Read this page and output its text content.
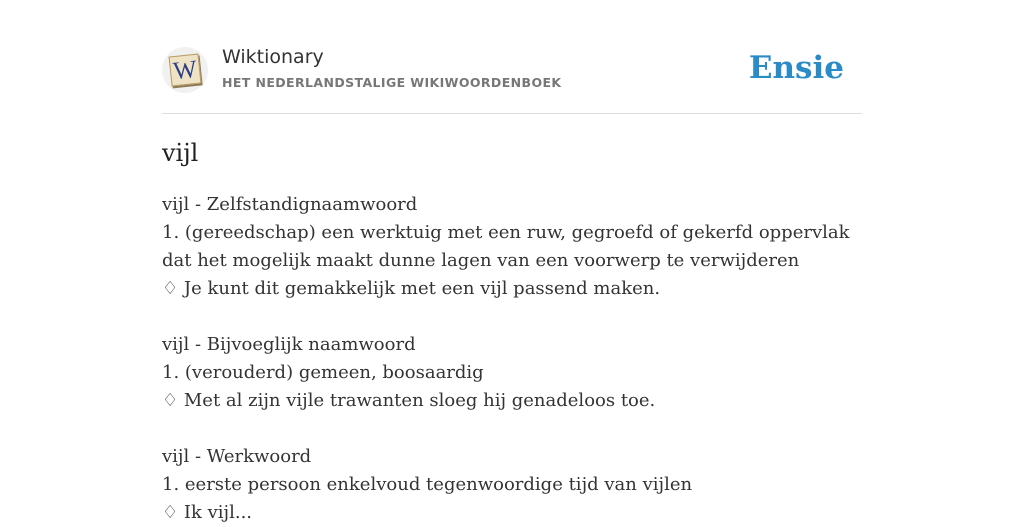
W Wiktionary
HET NEDERLANDSTALIGE WIKIWOORDENBOEK	Ensie
vijl

vijl - Zelfstandignaamwoord

1. (gereedschap) een werktuig met een ruw, gegroefd of gekerfd oppervlak dat het mogelijk maakt dunne lagen van een voorwerp te verwijderen

♢ Je kunt dit gemakkelijk met een vijl passend maken.

vijl - Bijvoeglijk naamwoord

1. (verouderd) gemeen, boosaardig

♢ Met al zijn vijle trawanten sloeg hij genadeloos toe.

vijl - Werkwoord

1. eerste persoon enkelvoud tegenwoordige tijd van vijlen

♢ Ik vijl...
